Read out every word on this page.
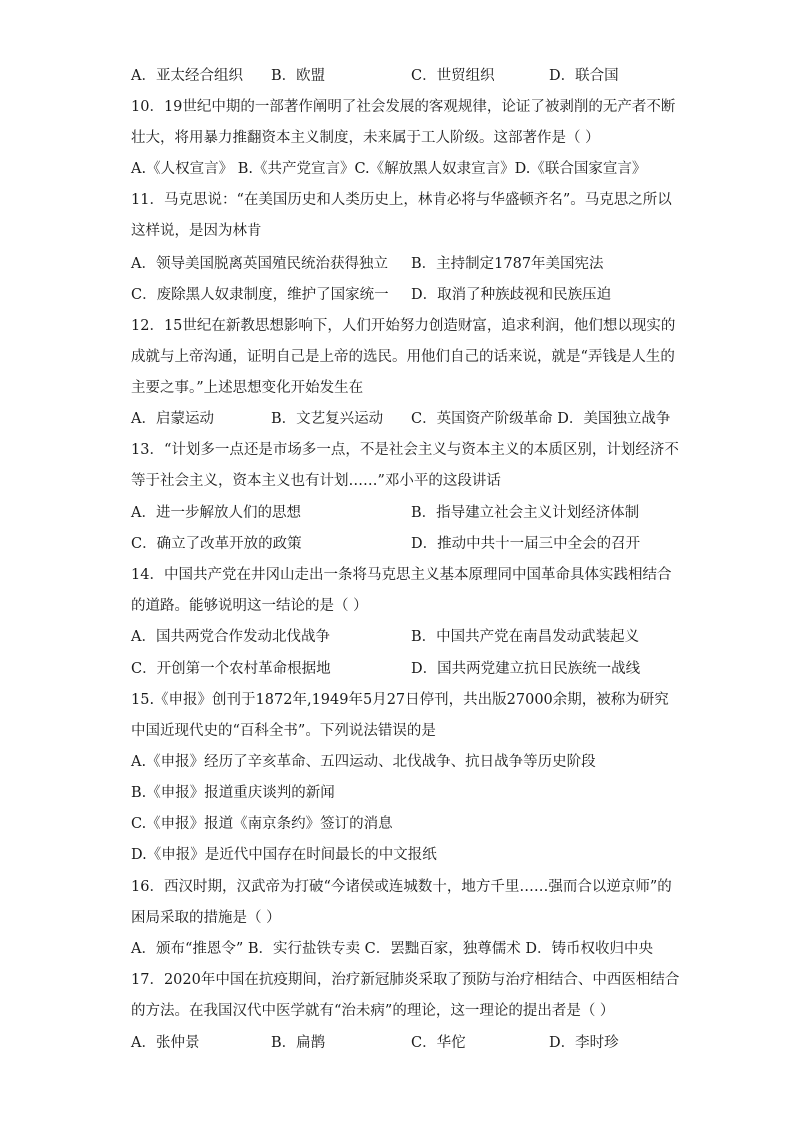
A．亚太经合组织 B．欧盟	C．世贸组织	D．联合国
10．19世纪中期的一部著作阐明了社会发展的客观规律，论证了被剥削的无产者不断
壮大，将用暴力推翻资本主义制度，未来属于工人阶级。这部著作是（ ）
A.《人权宣言》 B.《共产党宣言》C.《解放黑人奴隶宣言》D.《联合国家宣言》
11．马克思说：“在美国历史和人类历史上，林肯必将与华盛顿齐名”。马克思之所以
这样说，是因为林肯
A．领导美国脱离英国殖民统治获得独立 B．主持制定1787年美国宪法
C．废除黑人奴隶制度，维护了国家统一 D．取消了种族歧视和民族压迫
12．15世纪在新教思想影响下，人们开始努力创造财富，追求利润，他们想以现实的
成就与上帝沟通，证明自己是上帝的选民。用他们自己的话来说，就是“弄钱是人生的
主要之事。”上述思想变化开始发生在
A．启蒙运动	B．文艺复兴运动 C．英国资产阶级革命 D．美国独立战争
13．“计划多一点还是市场多一点，不是社会主义与资本主义的本质区别，计划经济不
等于社会主义，资本主义也有计划……”邓小平的这段讲话
A．进一步解放人们的思想	B．指导建立社会主义计划经济体制
C．确立了改革开放的政策	D．推动中共十一届三中全会的召开
14．中国共产党在井冈山走出一条将马克思主义基本原理同中国革命具体实践相结合
的道路。能够说明这一结论的是（ ）
A．国共两党合作发动北伐战争	B．中国共产党在南昌发动武装起义
C．开创第一个农村革命根据地	D．国共两党建立抗日民族统一战线
15.《申报》创刊于1872年,1949年5月27日停刊，共出版27000余期，被称为研究
中国近现代史的“百科全书”。下列说法错误的是
A.《申报》经历了辛亥革命、五四运动、北伐战争、抗日战争等历史阶段
B.《申报》报道重庆谈判的新闻
C.《申报》报道《南京条约》签订的消息
D.《申报》是近代中国存在时间最长的中文报纸
16．西汉时期，汉武帝为打破“今诸侯或连城数十，地方千里……强而合以逆京师”的
困局采取的措施是（ ）
A．颁布“推恩令” B．实行盐铁专卖 C．罢黜百家，独尊儒术 D．铸币权收归中央
17．2020年中国在抗疫期间，治疗新冠肺炎采取了预防与治疗相结合、中西医相结合
的方法。在我国汉代中医学就有“治未病”的理论，这一理论的提出者是（ ）
A．张仲景	B．扁鹊	C．华佗	D．李时珍
